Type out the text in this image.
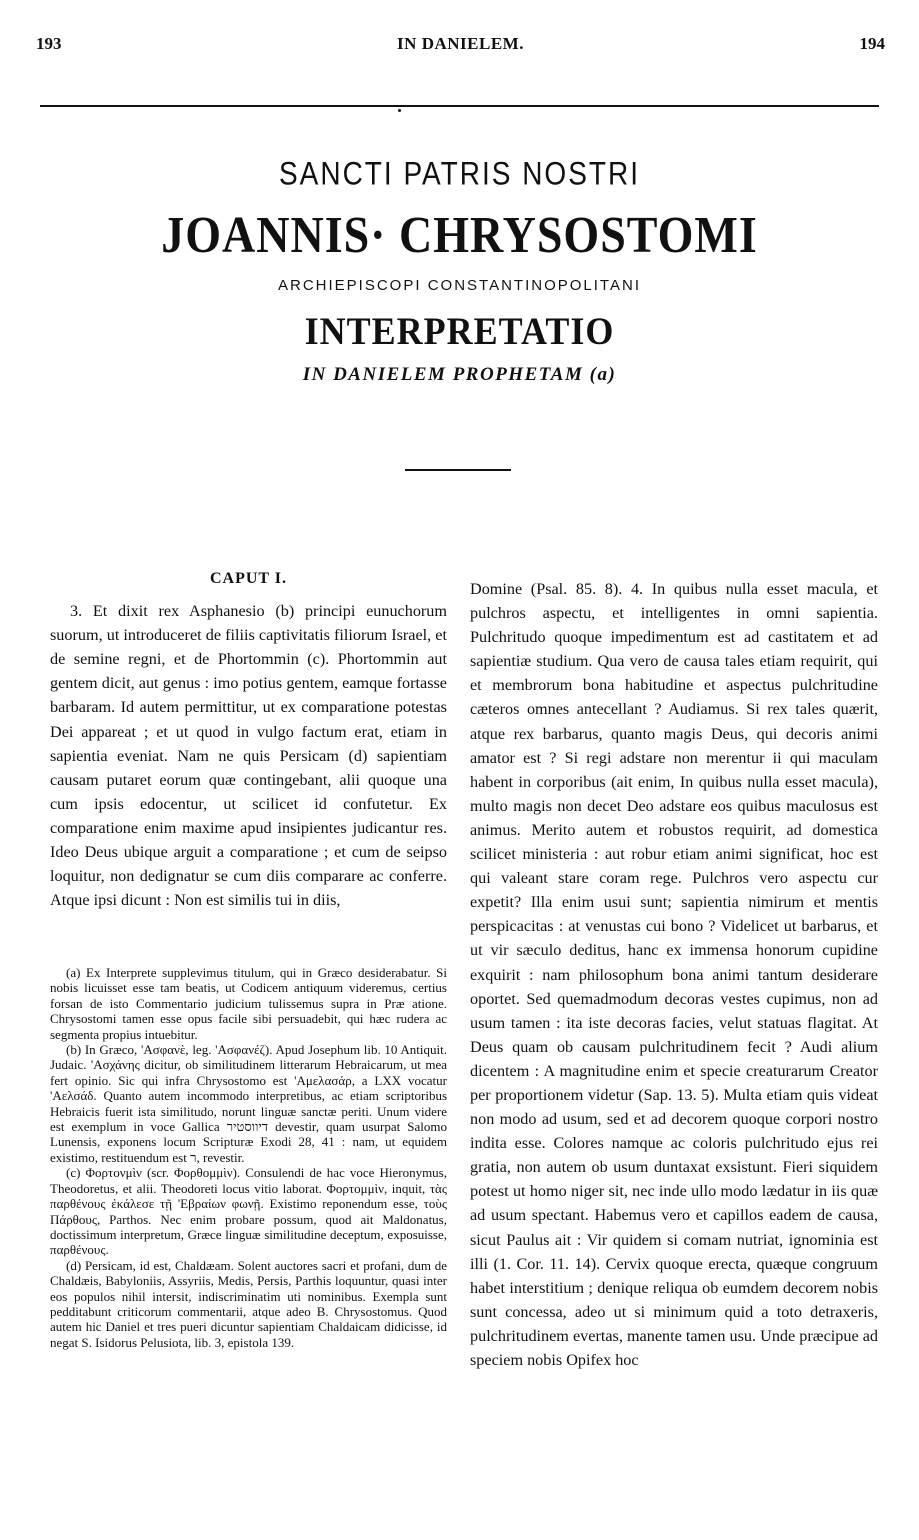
193	IN DANIELEM.	194
SANCTI PATRIS NOSTRI
JOANNIS· CHRYSOSTOMI
ARCHIEPISCOPI CONSTANTINOPOLITANI
INTERPRETATIO
IN DANIELEM PROPHETAM (a)
CAPUT I.

3. Et dixit rex Asphanesio (b) principi eunuchorum suorum, ut introduceret de filiis captivitatis filiorum Israel, et de semine regni, et de Phortommin (c). Phortommin aut gentem dicit, aut genus : imo potius gentem, eamque fortasse barbaram. Id autem permittitur, ut ex comparatione potestas Dei appareat ; et ut quod in vulgo factum erat, etiam in sapientia eveniat. Nam ne quis Persicam (d) sapientiam causam putaret eorum quæ contingebant, alii quoque una cum ipsis edocentur, ut scilicet id confutetur. Ex comparatione enim maxime apud insipientes judicantur res. Ideo Deus ubique arguit a comparatione ; et cum de seipso loquitur, non dedignatur se cum diis comparare ac conferre. Atque ipsi dicunt : Non est similis tui in diis,

(a) Ex Interprete supplevimus titulum, qui in Græco desiderabatur. Si nobis licuisset esse tam beatis, ut Codicem antiquum videremus, certius forsan de isto Commentario judicium tulissemus supra in Præ atione. Chrysostomi tamen esse opus facile sibi persuadebit, qui hæc rudera ac segmenta propius intuebitur.

(b) In Græco, 'Ασφανὲ, leg. 'Ασφανέζ). Apud Josephum lib. 10 Antiquit. Judaic. 'Ασχάνης dicitur, ob similitudinem litterarum Hebraicarum, ut mea fert opinio. Sic qui infra Chrysostomo est 'Αμελασάρ, a LXX vocatur 'Αελσάδ. Quanto autem incommodo interpretibus, ac etiam scriptoribus Hebraicis fuerit ista similitudo, norunt linguæ sanctæ periti. Unum videre est exemplum in voce Gallica דיווסטיר devestir, quam usurpat Salomo Lunensis, exponens locum Scripturæ Exodi 28, 41 : nam, ut equidem existimo, restituendum est ר, revestir.

(c) Φορτονμὶν (scr. Φορθομμὶν). Consulendi de hac voce Hieronymus, Theodoretus, et alii. Theodoreti locus vitio laborat. Φορτομμὶν, inquit, τὰς παρθένους ἐκάλεσε τῇ 'Εβραίων φωνῇ. Existimo reponendum esse, τοὺς Πάρθους, Parthos. Nec enim probare possum, quod ait Maldonatus, doctissimum interpretum, Græce linguæ similitudine deceptum, exposuisse, παρθένους.

(d) Persicam, id est, Chaldæam. Solent auctores sacri et profani, dum de Chaldæis, Babyloniis, Assyriis, Medis, Persis, Parthis loquuntur, quasi inter eos populos nihil intersit, indiscriminatim uti nominibus. Exempla sunt pedditabunt criticorum commentarii, atque adeo B. Chrysostomus. Quod autem hic Daniel et tres pueri dicuntur sapientiam Chaldaicam didicisse, id negat S. Isidorus Pelusiota, lib. 3, epistola 139.

Domine (Psal. 85. 8). 4. In quibus nulla esset macula, et pulchros aspectu, et intelligentes in omni sapientia. Pulchritudo quoque impedimentum est ad castitatem et ad sapientiæ studium. Qua vero de causa tales etiam requirit, qui et membrorum bona habitudine et aspectus pulchritudine cæteros omnes antecellant ? Audiamus. Si rex tales quærit, atque rex barbarus, quanto magis Deus, qui decoris animi amator est ? Si regi adstare non merentur ii qui maculam habent in corporibus (ait enim, In quibus nulla esset macula), multo magis non decet Deo adstare eos quibus maculosus est animus. Merito autem et robustos requirit, ad domestica scilicet ministeria : aut robur etiam animi significat, hoc est qui valeant stare coram rege. Pulchros vero aspectu cur expetit? Illa enim usui sunt; sapientia nimirum et mentis perspicacitas : at venustas cui bono ? Videlicet ut barbarus, et ut vir sæculo deditus, hanc ex immensa honorum cupidine exquirit : nam philosophum bona animi tantum desiderare oportet. Sed quemadmodum decoras vestes cupimus, non ad usum tamen : ita iste decoras facies, velut statuas flagitat. At Deus quam ob causam pulchritudinem fecit ? Audi alium dicentem : A magnitudine enim et specie creaturarum Creator per proportionem videtur (Sap. 13. 5). Multa etiam quis videat non modo ad usum, sed et ad decorem quoque corpori nostro indita esse. Colores namque ac coloris pulchritudo ejus rei gratia, non autem ob usum duntaxat exsistunt. Fieri siquidem potest ut homo niger sit, nec inde ullo modo lædatur in iis quæ ad usum spectant. Habemus vero et capillos eadem de causa, sicut Paulus ait : Vir quidem si comam nutriat, ignominia est illi (1. Cor. 11. 14). Cervix quoque erecta, quæque congruum habet interstitium ; denique reliqua ob eumdem decorem nobis sunt concessa, adeo ut si minimum quid a toto detraxeris, pulchritudinem evertas, manente tamen usu. Unde præcipue ad speciem nobis Opifex hoc
